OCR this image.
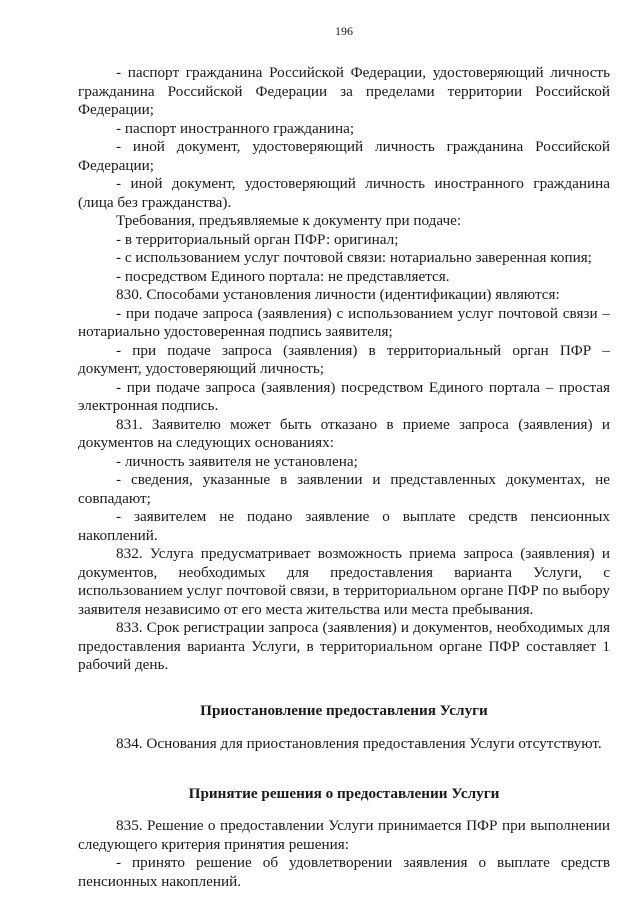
196

- паспорт гражданина Российской Федерации, удостоверяющий личность гражданина Российской Федерации за пределами территории Российской Федерации;

- паспорт иностранного гражданина;

- иной документ, удостоверяющий личность гражданина Российской Федерации;

- иной документ, удостоверяющий личность иностранного гражданина (лица без гражданства).

Требования, предъявляемые к документу при подаче:

- в территориальный орган ПФР: оригинал;

- с использованием услуг почтовой связи: нотариально заверенная копия;

- посредством Единого портала: не представляется.

830. Способами установления личности (идентификации) являются:

- при подаче запроса (заявления) с использованием услуг почтовой связи – нотариально удостоверенная подпись заявителя;

- при подаче запроса (заявления) в территориальный орган ПФР – документ, удостоверяющий личность;

- при подаче запроса (заявления) посредством Единого портала – простая электронная подпись.

831. Заявителю может быть отказано в приеме запроса (заявления) и документов на следующих основаниях:

- личность заявителя не установлена;

- сведения, указанные в заявлении и представленных документах, не совпадают;

- заявителем не подано заявление о выплате средств пенсионных накоплений.

832. Услуга предусматривает возможность приема запроса (заявления) и документов, необходимых для предоставления варианта Услуги, с использованием услуг почтовой связи, в территориальном органе ПФР по выбору заявителя независимо от его места жительства или места пребывания.

833. Срок регистрации запроса (заявления) и документов, необходимых для предоставления варианта Услуги, в территориальном органе ПФР составляет 1 рабочий день.

Приостановление предоставления Услуги

834. Основания для приостановления предоставления Услуги отсутствуют.

Принятие решения о предоставлении Услуги

835. Решение о предоставлении Услуги принимается ПФР при выполнении следующего критерия принятия решения:

- принято решение об удовлетворении заявления о выплате средств пенсионных накоплений.
